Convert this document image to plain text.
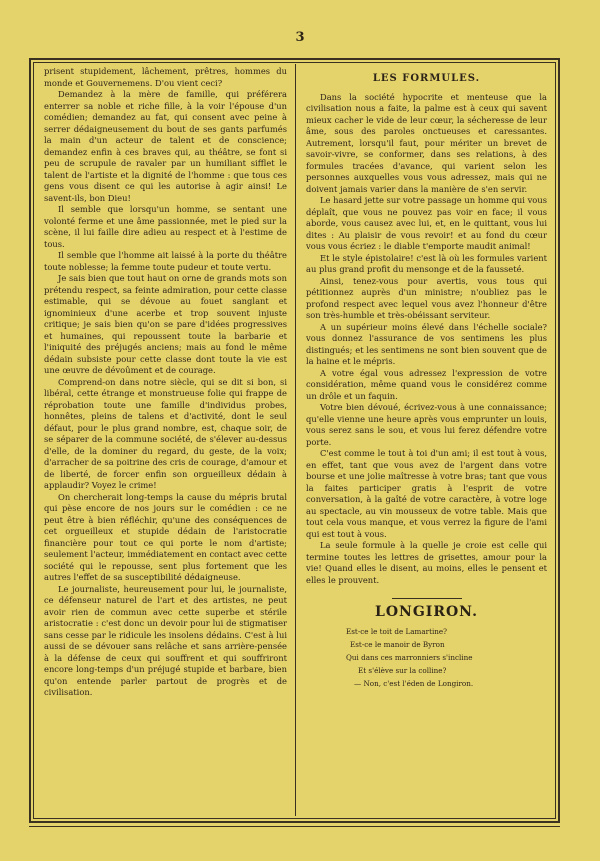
3

prisent stupidement, lâchement, prêtres, hommes du monde et Gouvernemens. D'ou vient ceci?

Demandez à la mère de famille, qui préférera enterrer sa noble et riche fille, à la voir l'épouse d'un comédien; demandez au fat, qui consent avec peine à serrer dédaigneusement du bout de ses gants parfumés la main d'un acteur de talent et de conscience; demandez enfin à ces braves qui, au théâtre, se font si peu de scrupule de ravaler par un humiliant sifflet le talent de l'artiste et la dignité de l'homme : que tous ces gens vous disent ce qui les autorise à agir ainsi! Le savent-ils, bon Dieu!

Il semble que lorsqu'un homme, se sentant une volonté ferme et une âme passionnée, met le pied sur la scène, il lui faille dire adieu au respect et à l'estime de tous.

Il semble que l'homme ait laissé à la porte du théâtre toute noblesse; la femme toute pudeur et toute vertu.

Je sais bien que tout haut on orne de grands mots son prétendu respect, sa feinte admiration, pour cette classe estimable, qui se dévoue au fouet sanglant et ignominieux d'une acerbe et trop souvent injuste critique; je sais bien qu'on se pare d'idées progressives et humaines, qui repoussent toute la barbarie et l'iniquité des préjugés anciens; mais au fond le même dédain subsiste pour cette classe dont toute la vie est une œuvre de dévoûment et de courage.

Comprend-on dans notre siècle, qui se dit si bon, si libéral, cette étrange et monstrueuse folie qui frappe de réprobation toute une famille d'individus probes, honnêtes, pleins de talens et d'activité, dont le seul défaut, pour le plus grand nombre, est, chaque soir, de se séparer de la commune société, de s'élever au-dessus d'elle, de la dominer du regard, du geste, de la voix; d'arracher de sa poitrine des cris de courage, d'amour et de liberté, de forcer enfin son orgueilleux dédain à applaudir? Voyez le crime!

On chercherait long-temps la cause du mépris brutal qui pèse encore de nos jours sur le comédien : ce ne peut être à bien réfléchir, qu'une des conséquences de cet orgueilleux et stupide dédain de l'aristocratie financière pour tout ce qui porte le nom d'artiste; seulement l'acteur, immédiatement en contact avec cette société qui le repousse, sent plus fortement que les autres l'effet de sa susceptibilité dédaigneuse.

Le journaliste, heureusement pour lui, le journaliste, ce défenseur naturel de l'art et des artistes, ne peut avoir rien de commun avec cette superbe et stérile aristocratie : c'est donc un devoir pour lui de stigmatiser sans cesse par le ridicule les insolens dédains. C'est à lui aussi de se dévouer sans relâche et sans arrière-pensée à la défense de ceux qui souffrent et qui souffriront encore long-temps d'un préjugé stupide et barbare, bien qu'on entende parler partout de progrès et de civilisation.

LES FORMULES.

Dans la société hypocrite et menteuse que la civilisation nous a faite, la palme est à ceux qui savent mieux cacher le vide de leur cœur, la sécheresse de leur âme, sous des paroles onctueuses et caressantes. Autrement, lorsqu'il faut, pour mériter un brevet de savoir-vivre, se conformer, dans ses relations, à des formules tracées d'avance, qui varient selon les personnes auxquelles vous vous adressez, mais qui ne doivent jamais varier dans la manière de s'en servir.

Le hasard jette sur votre passage un homme qui vous déplaît, que vous ne pouvez pas voir en face; il vous aborde, vous causez avec lui, et, en le quittant, vous lui dites : Au plaisir de vous revoir! et au fond du cœur vous vous écriez : le diable t'emporte maudit animal!

Et le style épistolaire! c'est là où les formules varient au plus grand profit du mensonge et de la fausseté.

Ainsi, tenez-vous pour avertis, vous tous qui pétitionnez auprès d'un ministre; n'oubliez pas le profond respect avec lequel vous avez l'honneur d'être son très-humble et très-obéissant serviteur.

A un supérieur moins élevé dans l'échelle sociale? vous donnez l'assurance de vos sentimens les plus distingués; et les sentimens ne sont bien souvent que de la haine et le mépris.

A votre égal vous adressez l'expression de votre considération, même quand vous le considérez comme un drôle et un faquin.

Votre bien dévoué, écrivez-vous à une connaissance; qu'elle vienne une heure après vous emprunter un louis, vous serez sans le sou, et vous lui ferez défendre votre porte.

C'est comme le tout à toi d'un ami; il est tout à vous, en effet, tant que vous avez de l'argent dans votre bourse et une jolie maîtresse à votre bras; tant que vous la faites participer gratis à l'esprit de votre conversation, à la gaîté de votre caractère, à votre loge au spectacle, au vin mousseux de votre table. Mais que tout cela vous manque, et vous verrez la figure de l'ami qui est tout à vous.

La seule formule à la quelle je croie est celle qui termine toutes les lettres de grisettes, amour pour la vie! Quand elles le disent, au moins, elles le pensent et elles le prouvent.

LONGIRON.
Est-ce le toit de Lamartine?
Est-ce le manoir de Byron
Qui dans ces marronniers s'incline
Et s'élève sur la colline?
— Non, c'est l'éden de Longiron.
